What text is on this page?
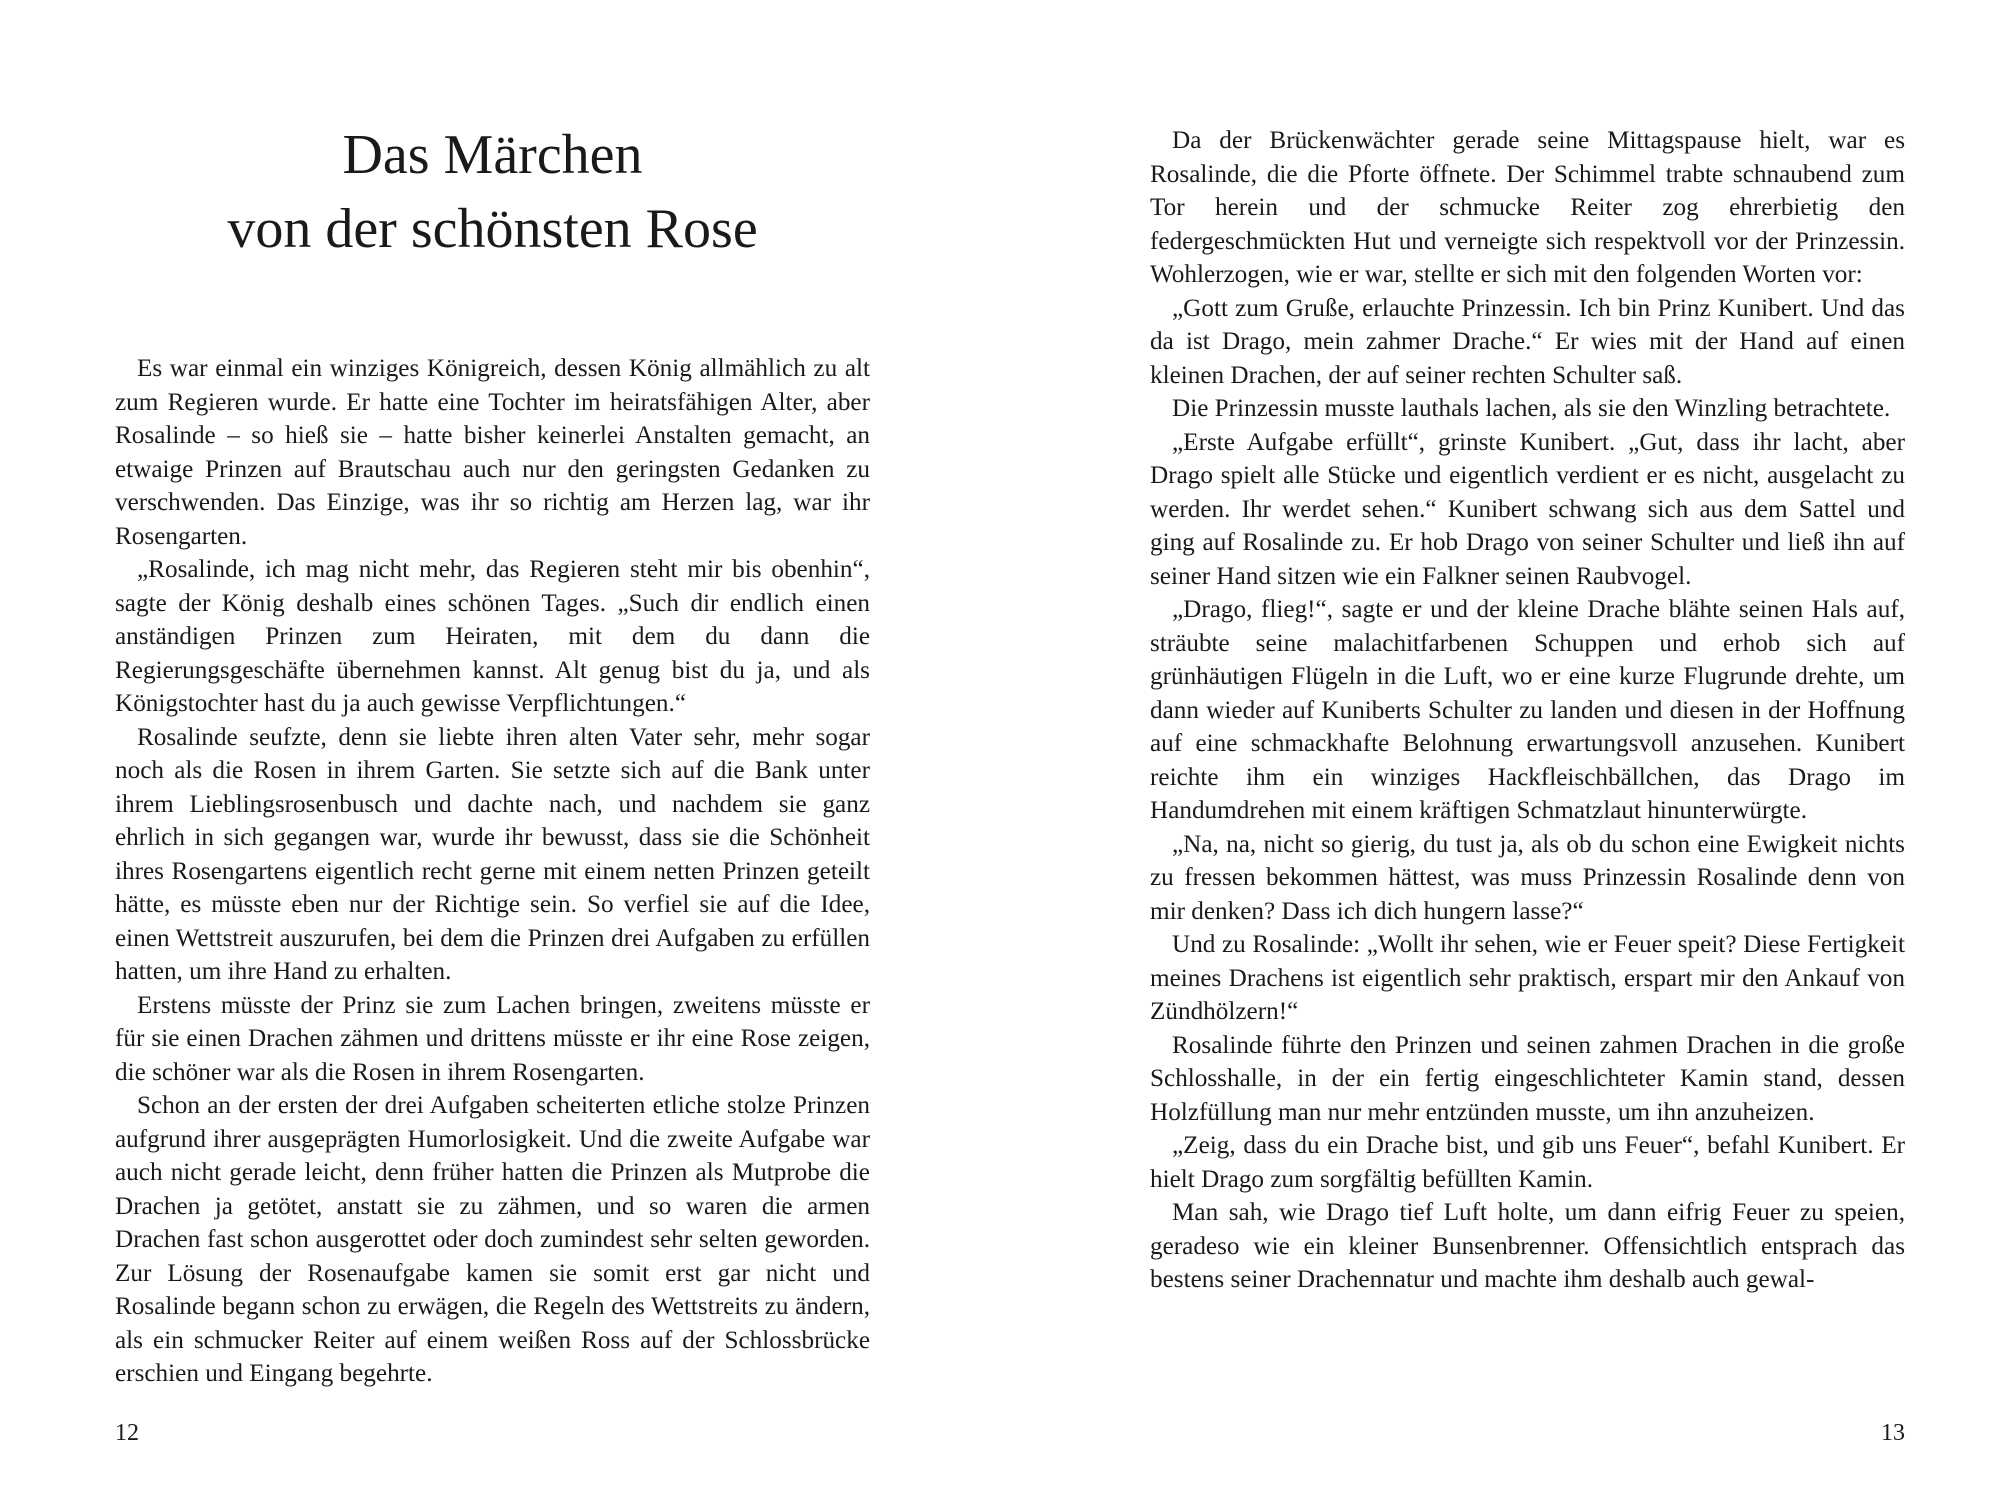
Das Märchen
von der schönsten Rose

Es war einmal ein winziges Königreich, dessen König allmählich zu alt zum Regieren wurde. Er hatte eine Tochter im heiratsfähigen Alter, aber Rosalinde – so hieß sie – hatte bisher keinerlei Anstalten gemacht, an etwaige Prinzen auf Brautschau auch nur den geringsten Gedanken zu verschwenden. Das Einzige, was ihr so richtig am Herzen lag, war ihr Rosengarten.

„Rosalinde, ich mag nicht mehr, das Regieren steht mir bis obenhin“, sagte der König deshalb eines schönen Tages. „Such dir endlich einen anständigen Prinzen zum Heiraten, mit dem du dann die Regierungsgeschäfte übernehmen kannst. Alt genug bist du ja, und als Königstochter hast du ja auch gewisse Verpflichtungen.“

Rosalinde seufzte, denn sie liebte ihren alten Vater sehr, mehr sogar noch als die Rosen in ihrem Garten. Sie setzte sich auf die Bank unter ihrem Lieblingsrosenbusch und dachte nach, und nachdem sie ganz ehrlich in sich gegangen war, wurde ihr bewusst, dass sie die Schönheit ihres Rosengartens eigentlich recht gerne mit einem netten Prinzen geteilt hätte, es müsste eben nur der Richtige sein. So verfiel sie auf die Idee, einen Wettstreit auszurufen, bei dem die Prinzen drei Aufgaben zu erfüllen hatten, um ihre Hand zu erhalten.

Erstens müsste der Prinz sie zum Lachen bringen, zweitens müsste er für sie einen Drachen zähmen und drittens müsste er ihr eine Rose zeigen, die schöner war als die Rosen in ihrem Rosengarten.

Schon an der ersten der drei Aufgaben scheiterten etliche stolze Prinzen aufgrund ihrer ausgeprägten Humorlosigkeit. Und die zweite Aufgabe war auch nicht gerade leicht, denn früher hatten die Prinzen als Mutprobe die Drachen ja getötet, anstatt sie zu zähmen, und so waren die armen Drachen fast schon ausgerottet oder doch zumindest sehr selten geworden. Zur Lösung der Rosenaufgabe kamen sie somit erst gar nicht und Rosalinde begann schon zu erwägen, die Regeln des Wettstreits zu ändern, als ein schmucker Reiter auf einem weißen Ross auf der Schlossbrücke erschien und Eingang begehrte.

12

Da der Brückenwächter gerade seine Mittagspause hielt, war es Rosalinde, die die Pforte öffnete. Der Schimmel trabte schnaubend zum Tor herein und der schmucke Reiter zog ehrerbietig den federgeschmückten Hut und verneigte sich respektvoll vor der Prinzessin. Wohlerzogen, wie er war, stellte er sich mit den folgenden Worten vor:

„Gott zum Gruße, erlauchte Prinzessin. Ich bin Prinz Kunibert. Und das da ist Drago, mein zahmer Drache.“ Er wies mit der Hand auf einen kleinen Drachen, der auf seiner rechten Schulter saß.

Die Prinzessin musste lauthals lachen, als sie den Winzling betrachtete.

„Erste Aufgabe erfüllt“, grinste Kunibert. „Gut, dass ihr lacht, aber Drago spielt alle Stücke und eigentlich verdient er es nicht, ausgelacht zu werden. Ihr werdet sehen.“ Kunibert schwang sich aus dem Sattel und ging auf Rosalinde zu. Er hob Drago von seiner Schulter und ließ ihn auf seiner Hand sitzen wie ein Falkner seinen Raubvogel.

„Drago, flieg!“, sagte er und der kleine Drache blähte seinen Hals auf, sträubte seine malachitfarbenen Schuppen und erhob sich auf grünhäutigen Flügeln in die Luft, wo er eine kurze Flugrunde drehte, um dann wieder auf Kuniberts Schulter zu landen und diesen in der Hoffnung auf eine schmackhafte Belohnung erwartungsvoll anzusehen. Kunibert reichte ihm ein winziges Hackfleischbällchen, das Drago im Handumdrehen mit einem kräftigen Schmatzlaut hinunterwürgte.

„Na, na, nicht so gierig, du tust ja, als ob du schon eine Ewigkeit nichts zu fressen bekommen hättest, was muss Prinzessin Rosalinde denn von mir denken? Dass ich dich hungern lasse?“

Und zu Rosalinde: „Wollt ihr sehen, wie er Feuer speit? Diese Fertigkeit meines Drachens ist eigentlich sehr praktisch, erspart mir den Ankauf von Zündhölzern!“

Rosalinde führte den Prinzen und seinen zahmen Drachen in die große Schlosshalle, in der ein fertig eingeschlichteter Kamin stand, dessen Holzfüllung man nur mehr entzünden musste, um ihn anzuheizen.

„Zeig, dass du ein Drache bist, und gib uns Feuer“, befahl Kunibert. Er hielt Drago zum sorgfältig befüllten Kamin.

Man sah, wie Drago tief Luft holte, um dann eifrig Feuer zu speien, geradeso wie ein kleiner Bunsenbrenner. Offensichtlich entsprach das bestens seiner Drachennatur und machte ihm deshalb auch gewal-

13
